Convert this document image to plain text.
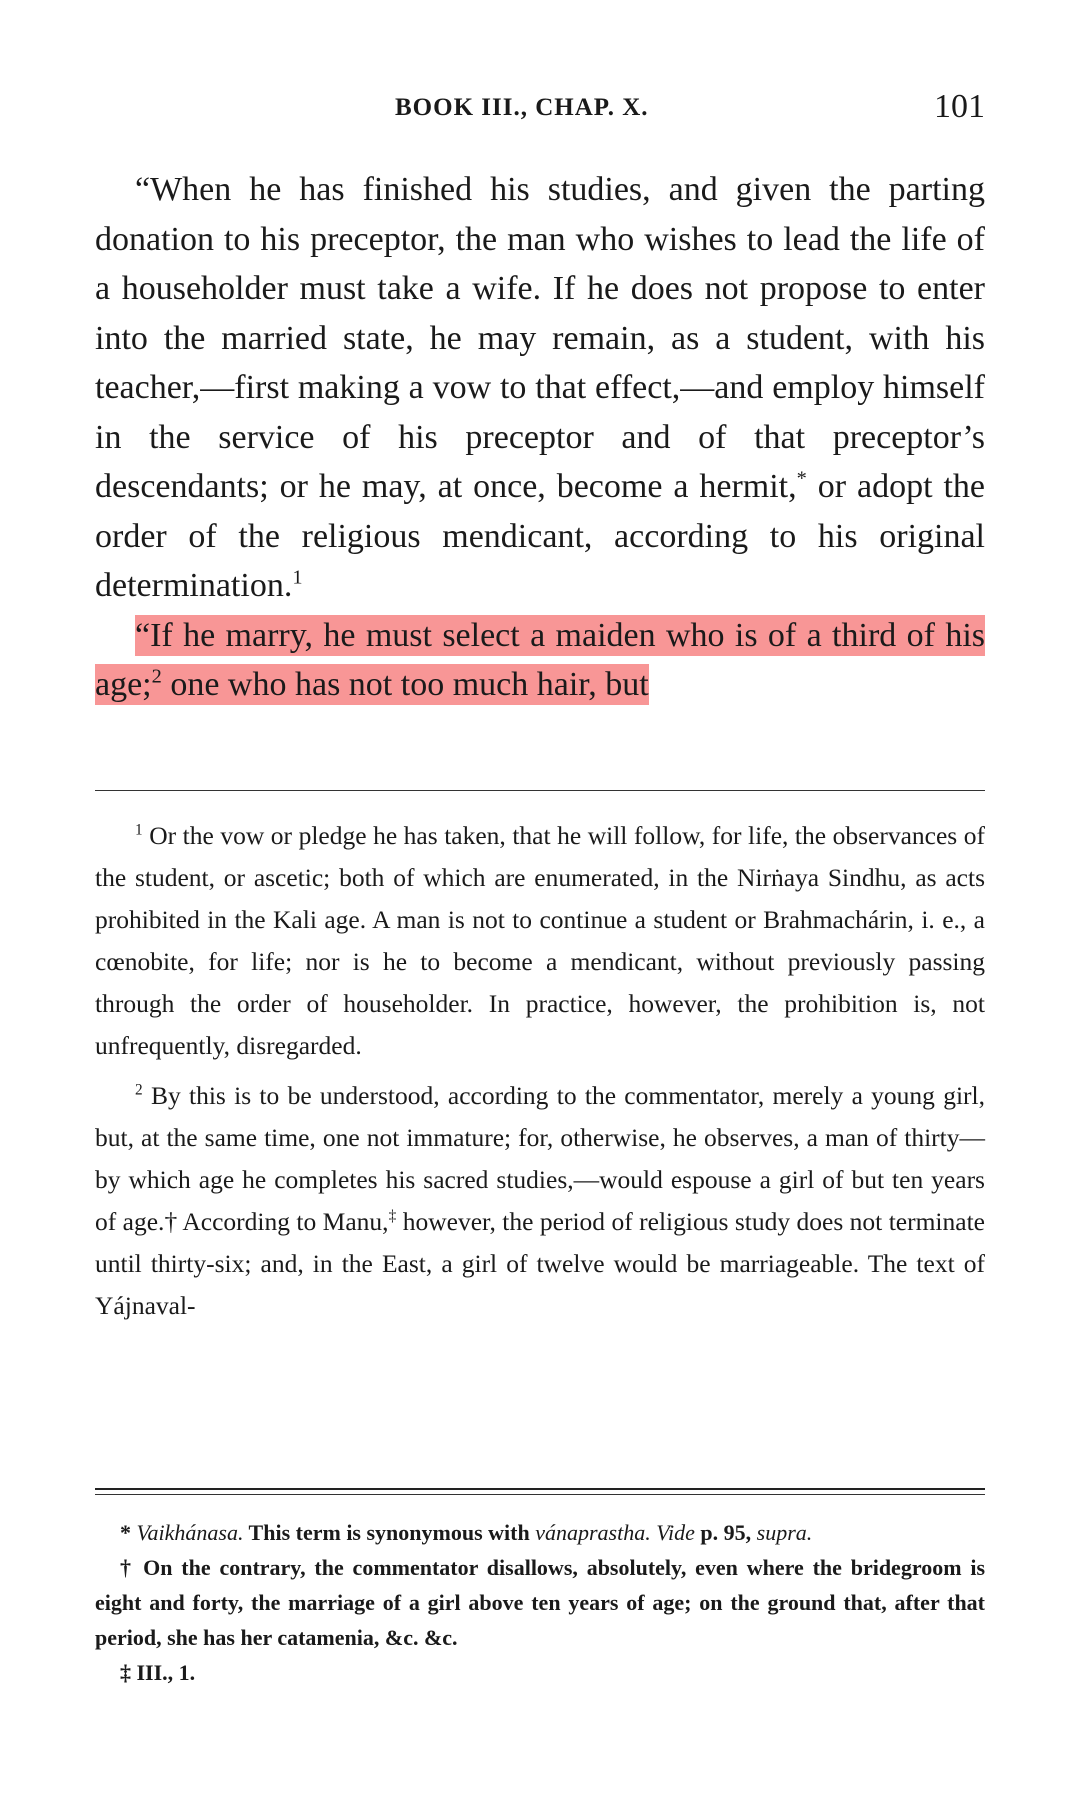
BOOK III., CHAP. X.	101

“When he has finished his studies, and given the parting donation to his preceptor, the man who wishes to lead the life of a householder must take a wife. If he does not propose to enter into the married state, he may remain, as a student, with his teacher,—first making a vow to that effect,—and employ himself in the service of his preceptor and of that preceptor’s descendants; or he may, at once, become a hermit,* or adopt the order of the religious mendicant, according to his original determination.$^1$

“If he marry, he must select a maiden who is of a third of his age;$^2$ one who has not too much hair, but

$^1$ Or the vow or pledge he has taken, that he will follow, for life, the observances of the student, or ascetic; both of which are enumerated, in the Nirṅaya Sindhu, as acts prohibited in the Kali age. A man is not to continue a student or Brahmachárin, i. e., a cœnobite, for life; nor is he to become a mendicant, without previously passing through the order of householder. In practice, however, the prohibition is, not unfrequently, disregarded.

$^2$ By this is to be understood, according to the commentator, merely a young girl, but, at the same time, one not immature; for, otherwise, he observes, a man of thirty—by which age he completes his sacred studies,—would espouse a girl of but ten years of age.† According to Manu,‡ however, the period of religious study does not terminate until thirty-six; and, in the East, a girl of twelve would be marriageable. The text of Yájnaval-

* Vaikhánasa. This term is synonymous with vánaprastha. Vide p. 95, supra.

† On the contrary, the commentator disallows, absolutely, even where the bridegroom is eight and forty, the marriage of a girl above ten years of age; on the ground that, after that period, she has her catamenia, &c. &c.

‡ III., 1.
